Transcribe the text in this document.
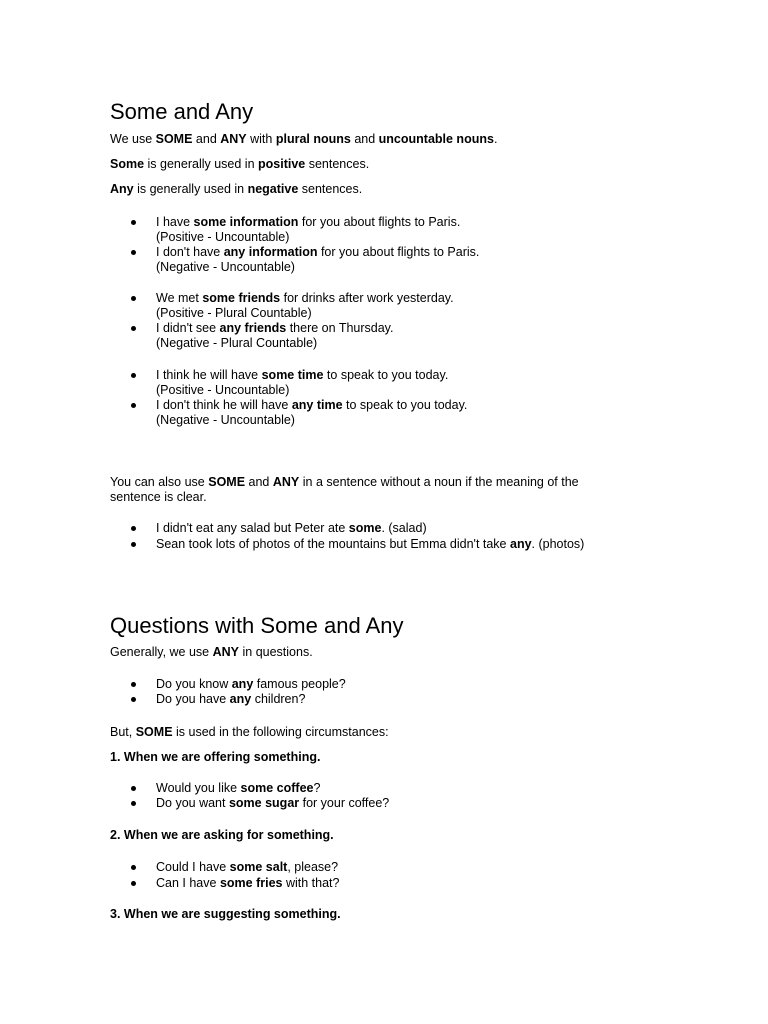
Some and Any
We use SOME and ANY with plural nouns and uncountable nouns.
Some is generally used in positive sentences.
Any is generally used in negative sentences.
I have some information for you about flights to Paris.
(Positive - Uncountable)
I don't have any information for you about flights to Paris.
(Negative - Uncountable)
We met some friends for drinks after work yesterday.
(Positive - Plural Countable)
I didn't see any friends there on Thursday.
(Negative - Plural Countable)
I think he will have some time to speak to you today.
(Positive - Uncountable)
I don't think he will have any time to speak to you today.
(Negative - Uncountable)
You can also use SOME and ANY in a sentence without a noun if the meaning of the sentence is clear.
I didn't eat any salad but Peter ate some. (salad)
Sean took lots of photos of the mountains but Emma didn't take any. (photos)
Questions with Some and Any
Generally, we use ANY in questions.
Do you know any famous people?
Do you have any children?
But, SOME is used in the following circumstances:
1. When we are offering something.
Would you like some coffee?
Do you want some sugar for your coffee?
2. When we are asking for something.
Could I have some salt, please?
Can I have some fries with that?
3. When we are suggesting something.
